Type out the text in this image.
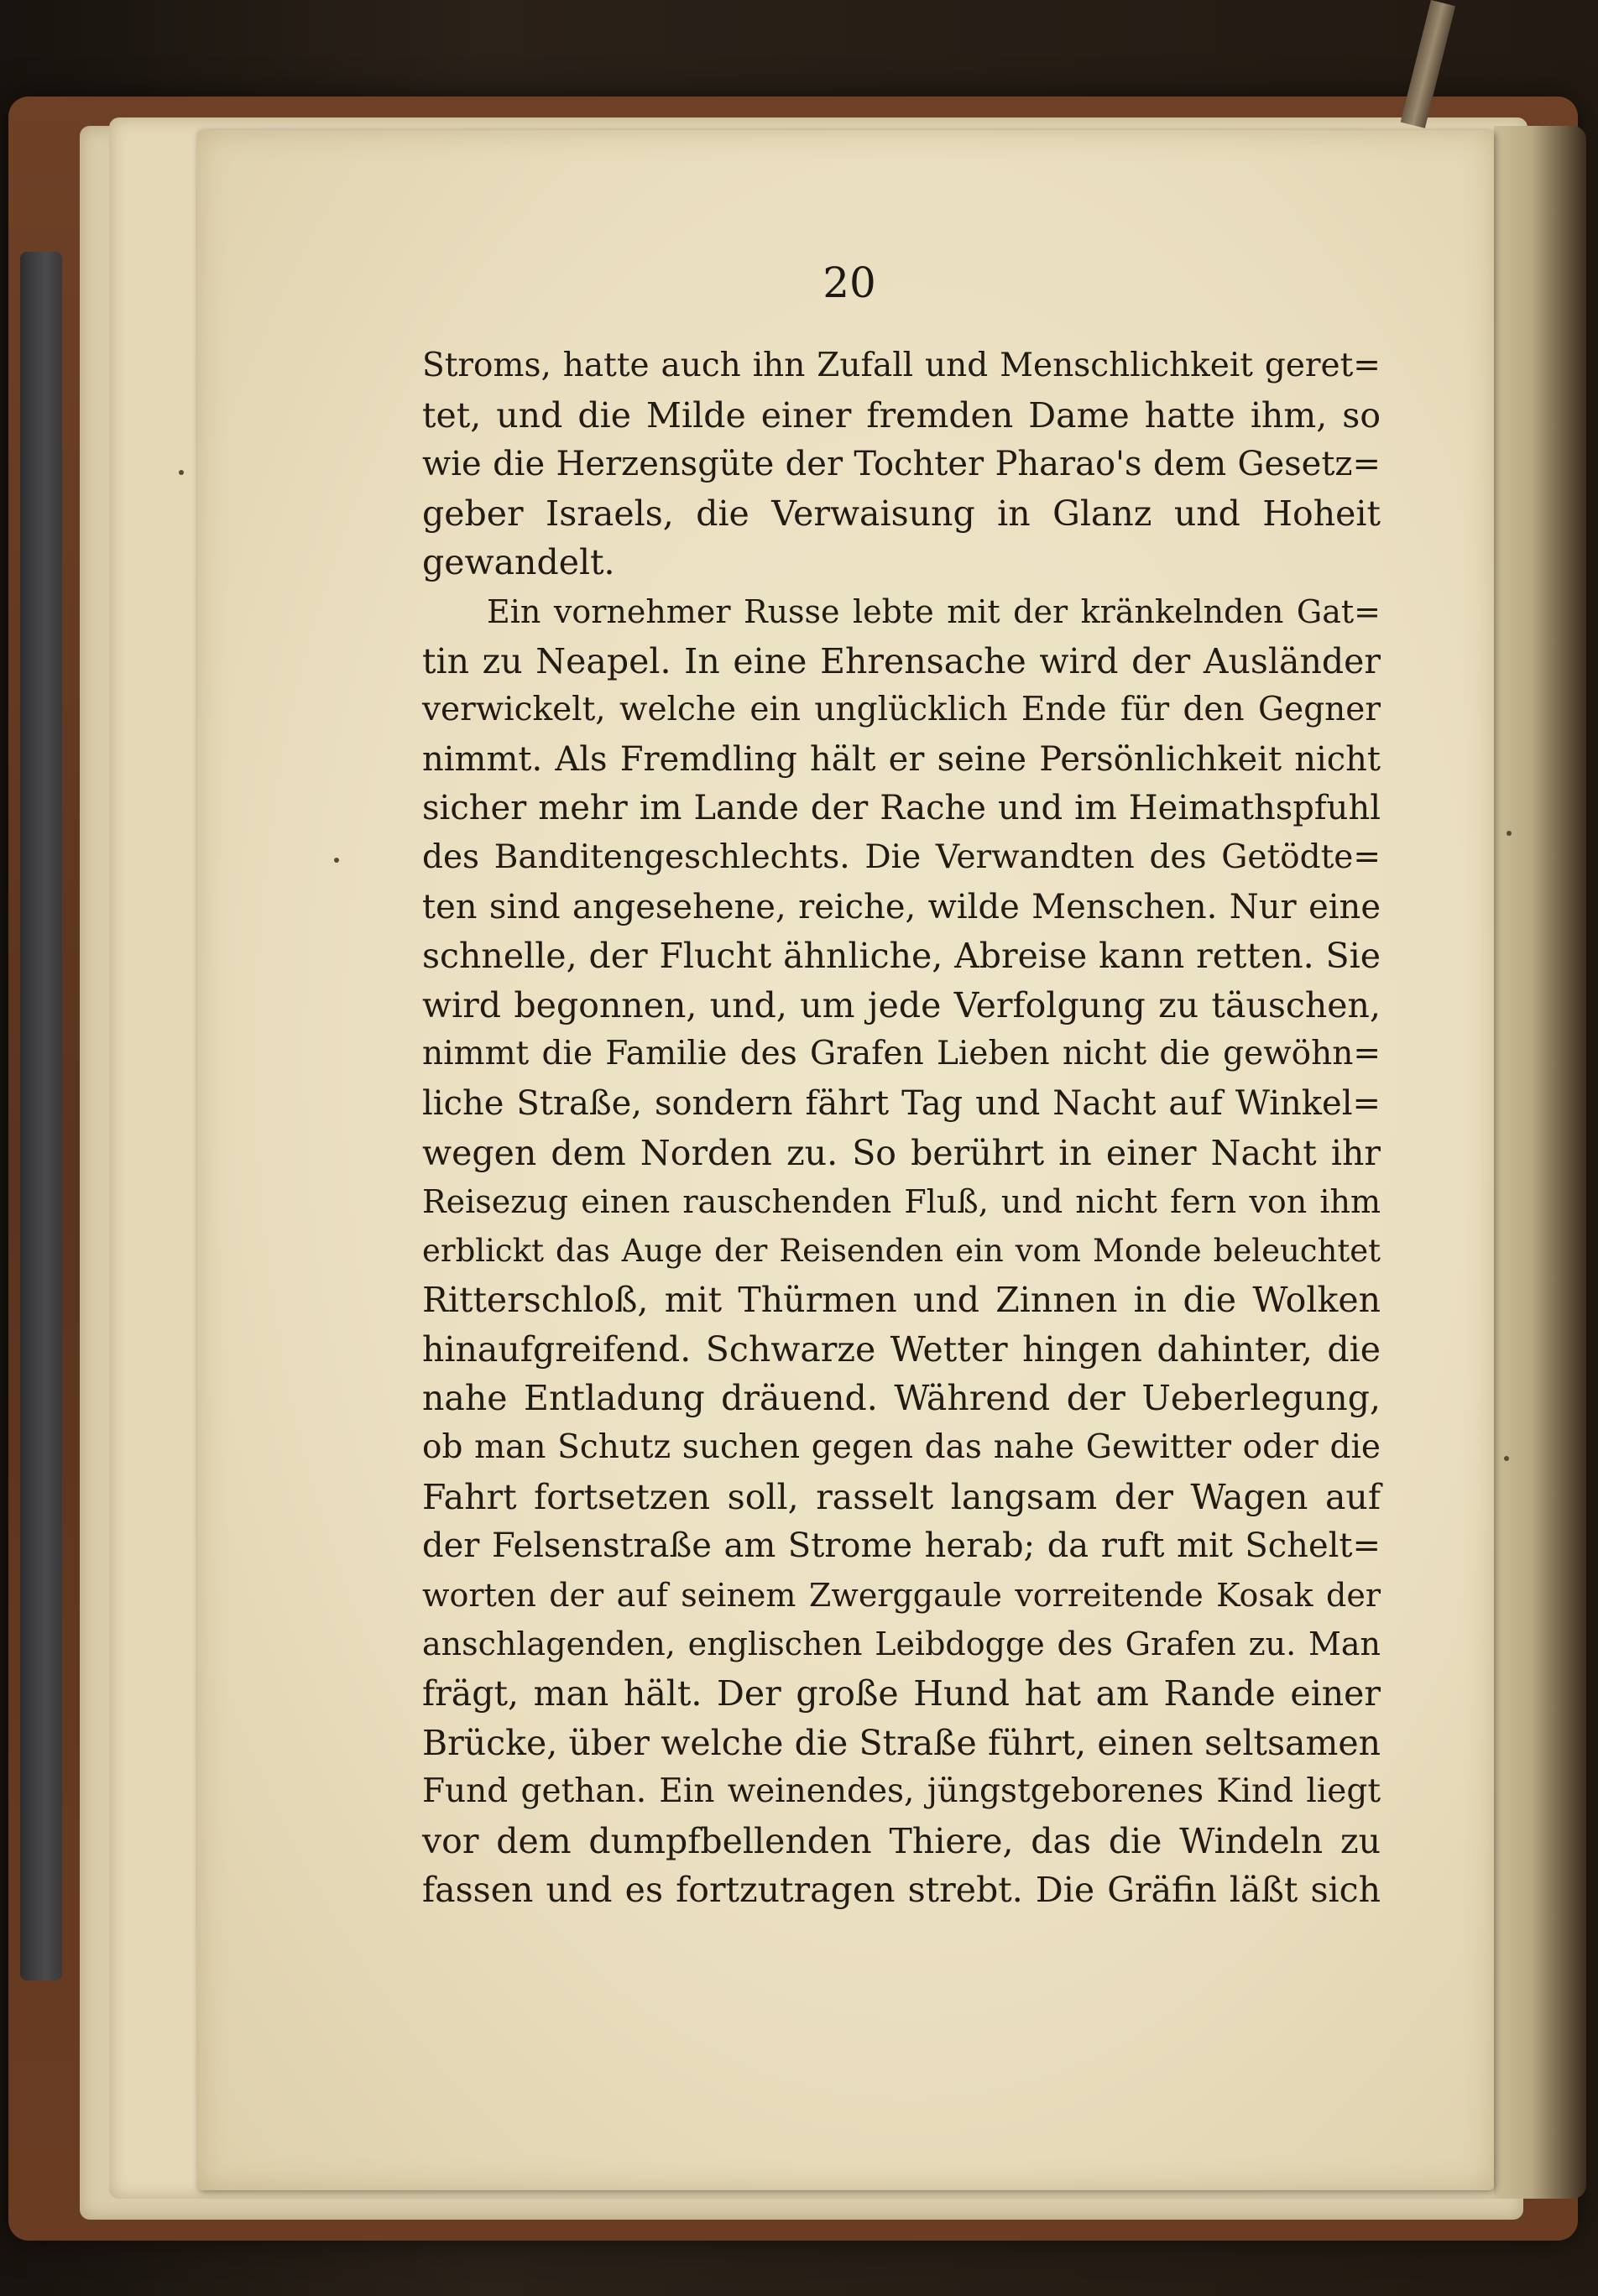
20
Stroms, hatte auch ihn Zufall und Menschlichkeit geret=
tet, und die Milde einer fremden Dame hatte ihm, so
wie die Herzensgüte der Tochter Pharao's dem Gesetz=
geber Israels, die Verwaisung in Glanz und Hoheit
gewandelt.
Ein vornehmer Russe lebte mit der kränkelnden Gat=
tin zu Neapel. In eine Ehrensache wird der Ausländer
verwickelt, welche ein unglücklich Ende für den Gegner
nimmt. Als Fremdling hält er seine Persönlichkeit nicht
sicher mehr im Lande der Rache und im Heimathspfuhl
des Banditengeschlechts. Die Verwandten des Getödte=
ten sind angesehene, reiche, wilde Menschen. Nur eine
schnelle, der Flucht ähnliche, Abreise kann retten. Sie
wird begonnen, und, um jede Verfolgung zu täuschen,
nimmt die Familie des Grafen Lieben nicht die gewöhn=
liche Straße, sondern fährt Tag und Nacht auf Winkel=
wegen dem Norden zu. So berührt in einer Nacht ihr
Reisezug einen rauschenden Fluß, und nicht fern von ihm
erblickt das Auge der Reisenden ein vom Monde beleuchtet
Ritterschloß, mit Thürmen und Zinnen in die Wolken
hinaufgreifend. Schwarze Wetter hingen dahinter, die
nahe Entladung dräuend. Während der Ueberlegung,
ob man Schutz suchen gegen das nahe Gewitter oder die
Fahrt fortsetzen soll, rasselt langsam der Wagen auf
der Felsenstraße am Strome herab; da ruft mit Schelt=
worten der auf seinem Zwerggaule vorreitende Kosak der
anschlagenden, englischen Leibdogge des Grafen zu. Man
frägt, man hält. Der große Hund hat am Rande einer
Brücke, über welche die Straße führt, einen seltsamen
Fund gethan. Ein weinendes, jüngstgeborenes Kind liegt
vor dem dumpfbellenden Thiere, das die Windeln zu
fassen und es fortzutragen strebt. Die Gräfin läßt sich
